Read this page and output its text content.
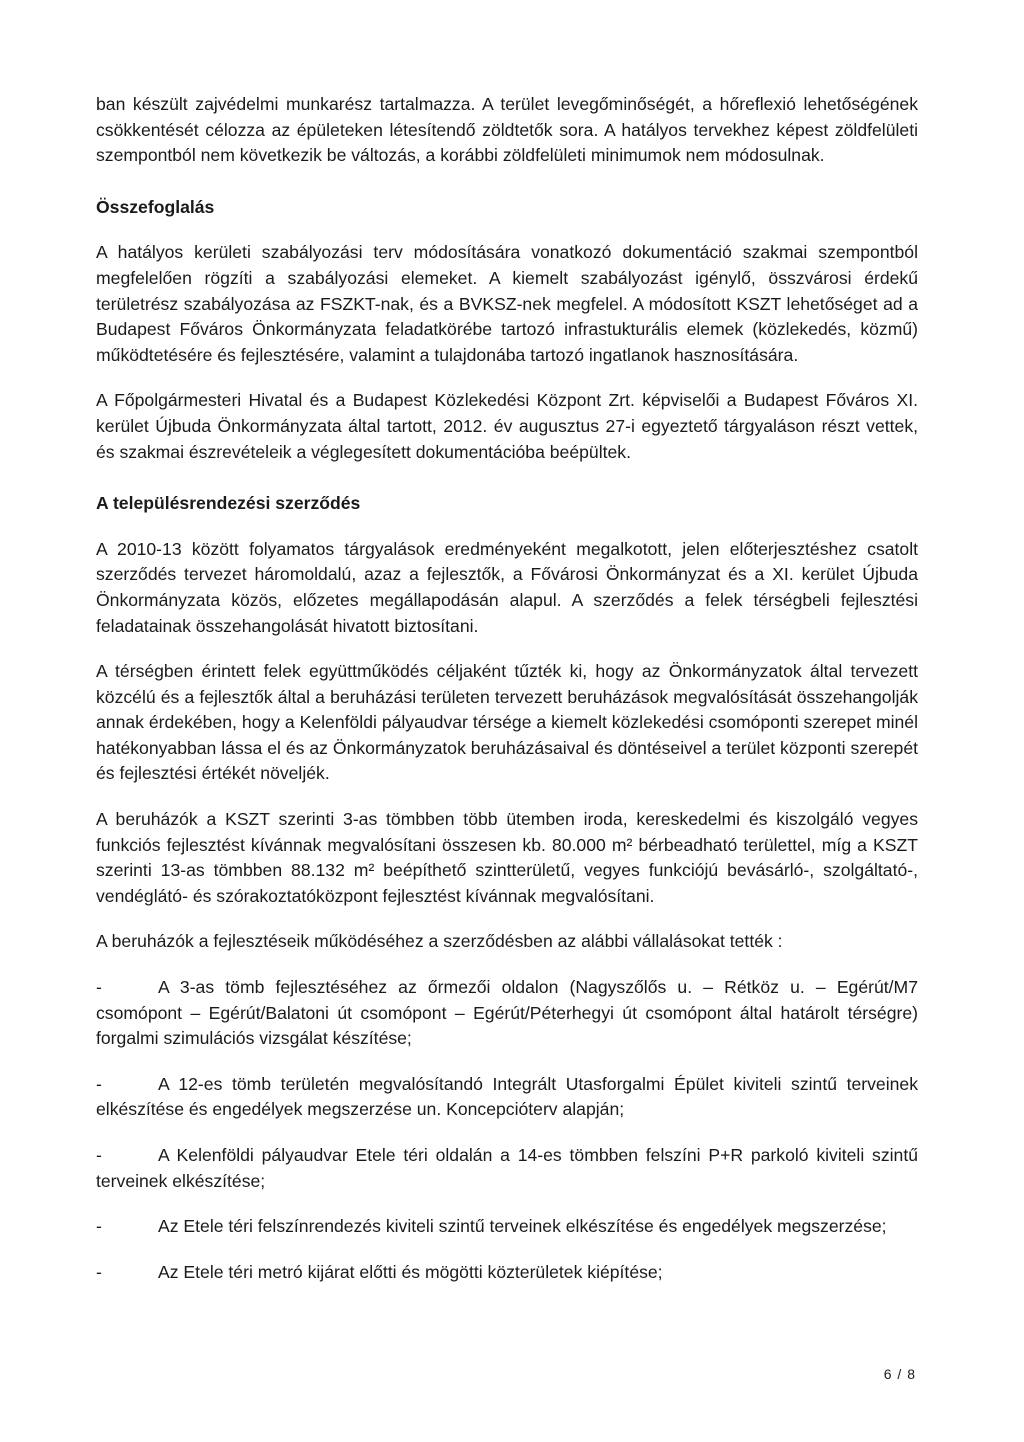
ban készült zajvédelmi munkarész tartalmazza. A terület levegőminőségét, a hőreflexió lehetőségének csökkentését célozza az épületeken létesítendő zöldtetők sora. A hatályos tervekhez képest zöldfelületi szempontból nem következik be változás, a korábbi zöldfelületi minimumok nem módosulnak.

Összefoglalás

A hatályos kerületi szabályozási terv módosítására vonatkozó dokumentáció szakmai szempontból megfelelően rögzíti a szabályozási elemeket. A kiemelt szabályozást igénylő, összvárosi érdekű területrész szabályozása az FSZKT-nak, és a BVKSZ-nek megfelel. A módosított KSZT lehetőséget ad a Budapest Főváros Önkormányzata feladatkörébe tartozó infrastukturális elemek (közlekedés, közmű) működtetésére és fejlesztésére, valamint a tulajdonába tartozó ingatlanok hasznosítására.

A Főpolgármesteri Hivatal és a Budapest Közlekedési Központ Zrt. képviselői a Budapest Főváros XI. kerület Újbuda Önkormányzata által tartott, 2012. év augusztus 27-i egyeztető tárgyaláson részt vettek, és szakmai észrevételeik a véglegesített dokumentációba beépültek.

A településrendezési szerződés

A 2010-13 között folyamatos tárgyalások eredményeként megalkotott, jelen előterjesztéshez csatolt szerződés tervezet háromoldalú, azaz a fejlesztők, a Fővárosi Önkormányzat és a XI. kerület Újbuda Önkormányzata közös, előzetes megállapodásán alapul. A szerződés a felek térségbeli fejlesztési feladatainak összehangolását hivatott biztosítani.

A térségben érintett felek együttműködés céljaként tűzték ki, hogy az Önkormányzatok által tervezett közcélú és a fejlesztők által a beruházási területen tervezett beruházások megvalósítását összehangolják annak érdekében, hogy a Kelenföldi pályaudvar térsége a kiemelt közlekedési csomóponti szerepet minél hatékonyabban lássa el és az Önkormányzatok beruházásaival és döntéseivel a terület központi szerepét és fejlesztési értékét növeljék.

A beruházók a KSZT szerinti 3-as tömbben több ütemben iroda, kereskedelmi és kiszolgáló vegyes funkciós fejlesztést kívánnak megvalósítani összesen kb. 80.000 m² bérbeadható területtel, míg a KSZT szerinti 13-as tömbben 88.132 m² beépíthető szintterületű, vegyes funkciójú bevásárló-, szolgáltató-, vendéglátó- és szórakoztatóközpont fejlesztést kívánnak megvalósítani.

A beruházók a fejlesztéseik működéséhez a szerződésben az alábbi vállalásokat tették :

-	A 3-as tömb fejlesztéséhez az őrmezői oldalon (Nagyszőlős u. – Rétköz u. – Egérút/M7 csomópont – Egérút/Balatoni út csomópont – Egérút/Péterhegyi út csomópont által határolt térségre) forgalmi szimulációs vizsgálat készítése;

-	A 12-es tömb területén megvalósítandó Integrált Utasforgalmi Épület kiviteli szintű terveinek elkészítése és engedélyek megszerzése un. Koncepcióterv alapján;

-	A Kelenföldi pályaudvar Etele téri oldalán a 14-es tömbben felszíni P+R parkoló kiviteli szintű terveinek elkészítése;

-	Az Etele téri felszínrendezés kiviteli szintű terveinek elkészítése és engedélyek megszerzése;

-	Az Etele téri metró kijárat előtti és mögötti közterületek kiépítése;

6 / 8
